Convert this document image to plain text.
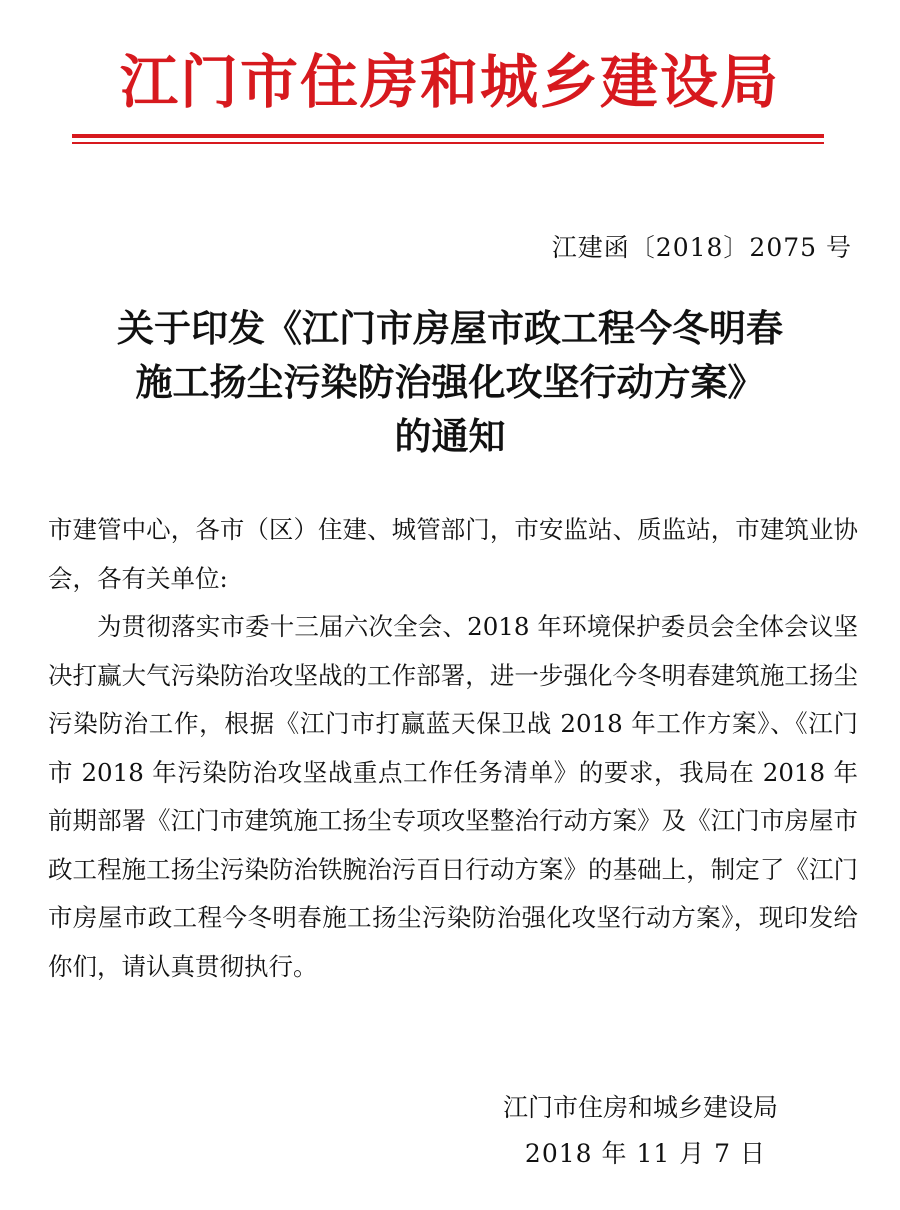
江门市住房和城乡建设局
江建函〔2018〕2075 号
关于印发《江门市房屋市政工程今冬明春
施工扬尘污染防治强化攻坚行动方案》
的通知

市建管中心，各市（区）住建、城管部门，市安监站、质监站，市建筑业协会，各有关单位:

为贯彻落实市委十三届六次全会、2018 年环境保护委员会全体会议坚决打赢大气污染防治攻坚战的工作部署，进一步强化今冬明春建筑施工扬尘污染防治工作，根据《江门市打赢蓝天保卫战 2018 年工作方案》、《江门市 2018 年污染防治攻坚战重点工作任务清单》的要求，我局在 2018 年前期部署《江门市建筑施工扬尘专项攻坚整治行动方案》及《江门市房屋市政工程施工扬尘污染防治铁腕治污百日行动方案》的基础上，制定了《江门市房屋市政工程今冬明春施工扬尘污染防治强化攻坚行动方案》，现印发给你们，请认真贯彻执行。

江门市住房和城乡建设局
2018 年 11 月 7 日
